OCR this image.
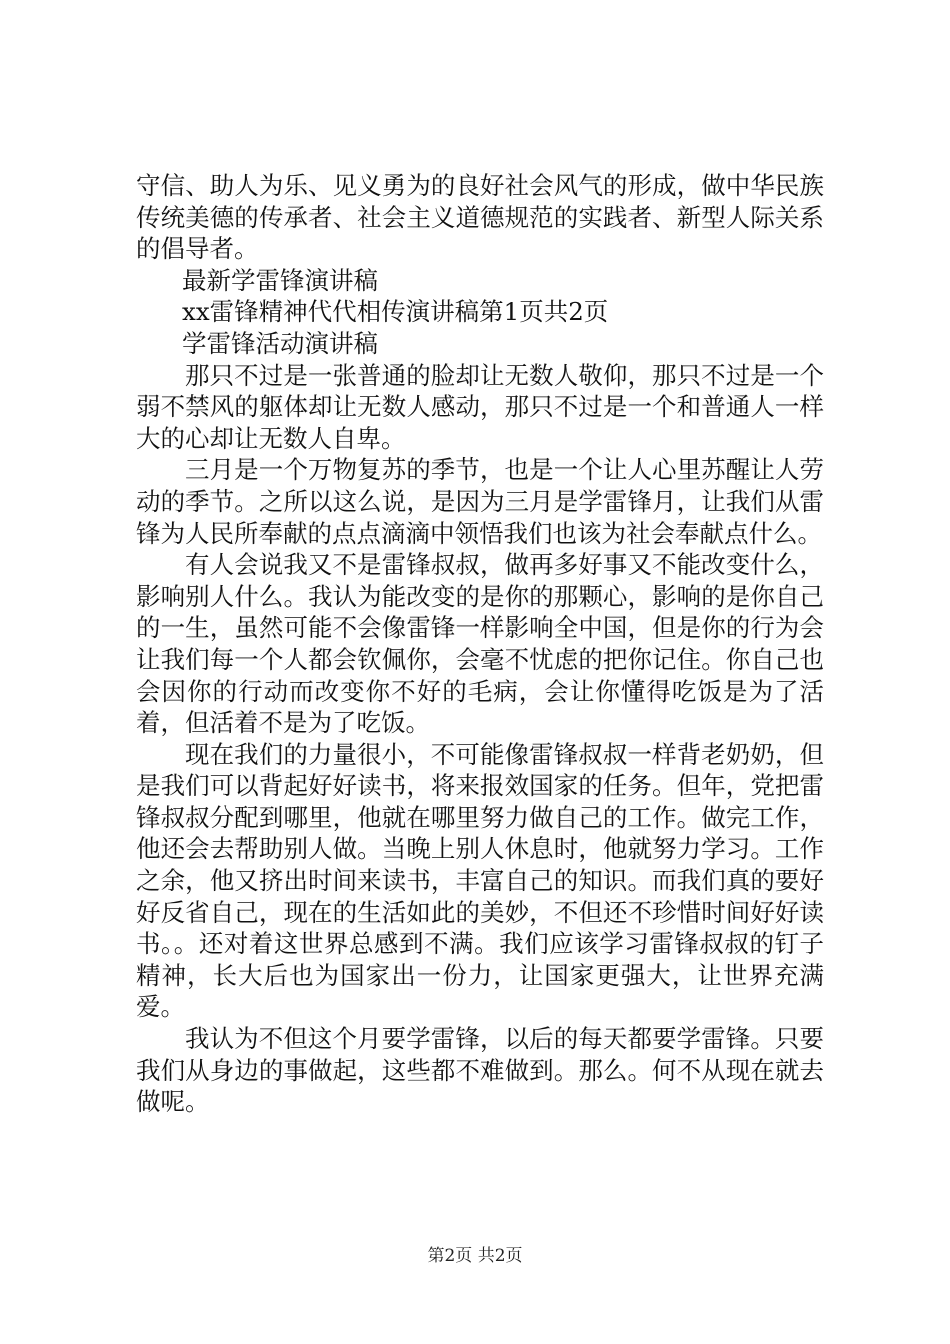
守信、助人为乐、见义勇为的良好社会风气的形成，做中华民族传统美德的传承者、社会主义道德规范的实践者、新型人际关系的倡导者。

最新学雷锋演讲稿

xx雷锋精神代代相传演讲稿第1页共2页

学雷锋活动演讲稿

那只不过是一张普通的脸却让无数人敬仰，那只不过是一个弱不禁风的躯体却让无数人感动，那只不过是一个和普通人一样大的心却让无数人自卑。

三月是一个万物复苏的季节，也是一个让人心里苏醒让人劳动的季节。之所以这么说，是因为三月是学雷锋月，让我们从雷锋为人民所奉献的点点滴滴中领悟我们也该为社会奉献点什么。

有人会说我又不是雷锋叔叔，做再多好事又不能改变什么，影响别人什么。我认为能改变的是你的那颗心，影响的是你自己的一生，虽然可能不会像雷锋一样影响全中国，但是你的行为会让我们每一个人都会钦佩你，会毫不忧虑的把你记住。你自己也会因你的行动而改变你不好的毛病，会让你懂得吃饭是为了活着，但活着不是为了吃饭。

现在我们的力量很小，不可能像雷锋叔叔一样背老奶奶，但是我们可以背起好好读书，将来报效国家的任务。但年，党把雷锋叔叔分配到哪里，他就在哪里努力做自己的工作。做完工作，他还会去帮助别人做。当晚上别人休息时，他就努力学习。工作之余，他又挤出时间来读书，丰富自己的知识。而我们真的要好好反省自己，现在的生活如此的美妙，不但还不珍惜时间好好读书。。还对着这世界总感到不满。我们应该学习雷锋叔叔的钉子精神，长大后也为国家出一份力，让国家更强大，让世界充满爱。

我认为不但这个月要学雷锋，以后的每天都要学雷锋。只要我们从身边的事做起，这些都不难做到。那么。何不从现在就去做呢。

第2页 共2页
